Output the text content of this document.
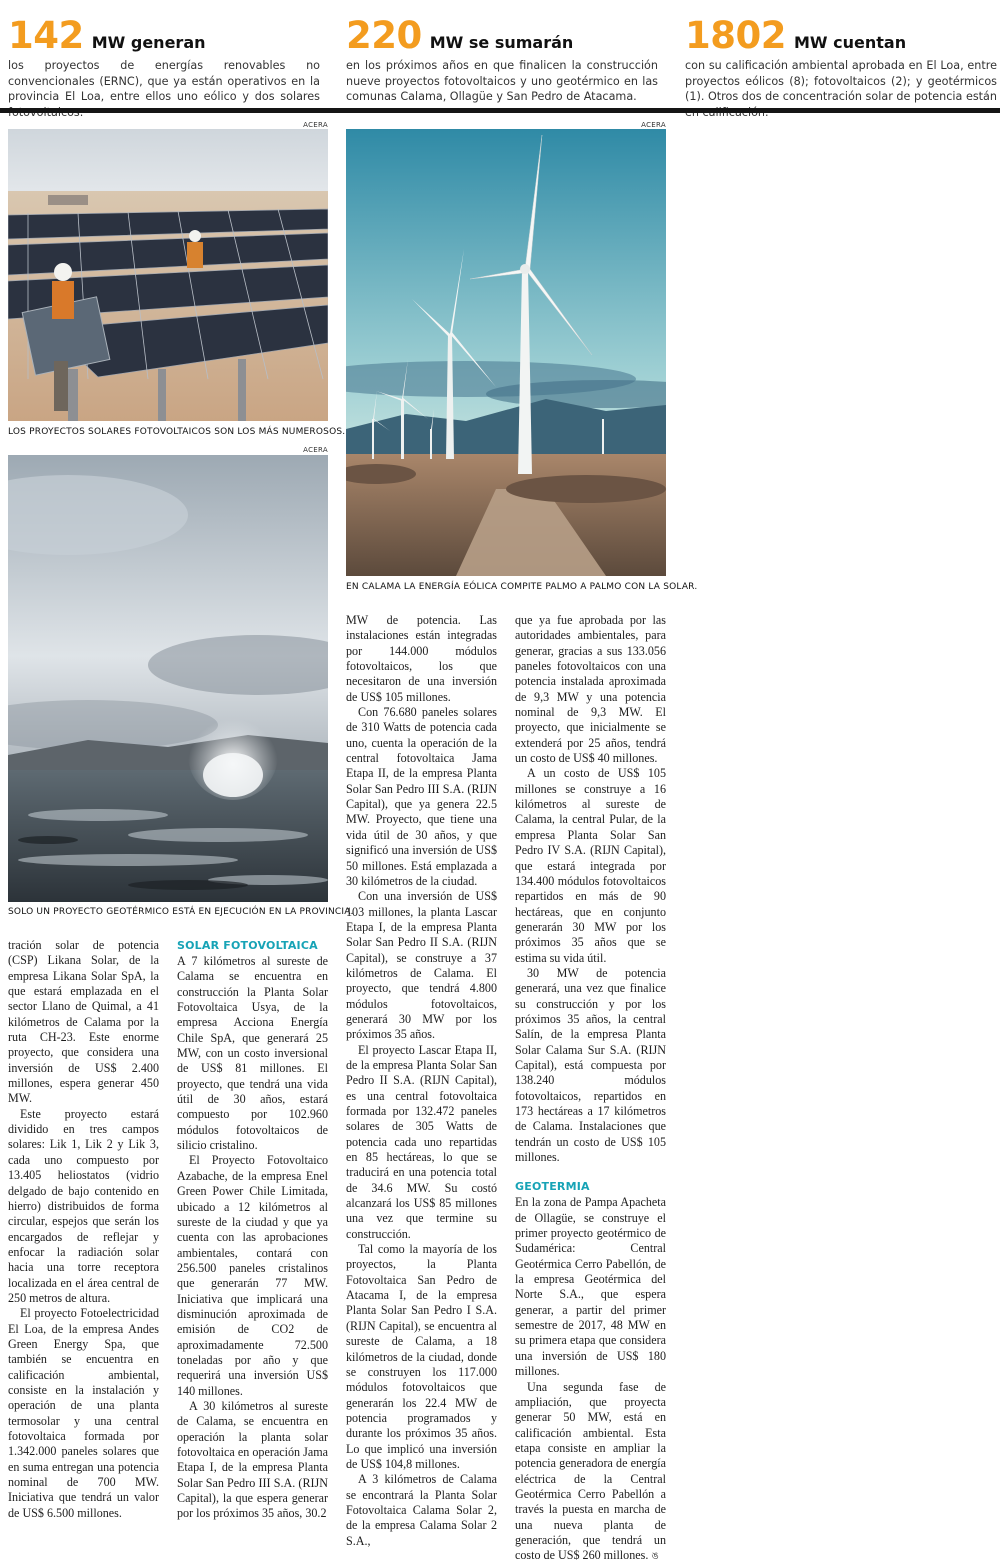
142 MW generan
los proyectos de energías renovables no convencionales (ERNC), que ya están operativos en la provincia El Loa, entre ellos uno eólico y dos solares
220 MW se sumarán
en los próximos años en que finalicen la construcción nueve proyectos fotovoltaicos y uno geotérmico en las comunas Calama, Ollagüe y San Pedro de Atacama.
1802 MW cuentan
con su calificación ambiental aprobada en El Loa, entre proyectos eólicos (8); fotovoltaicos (2); y geotérmicos (1). Otros dos de concentración solar de potencia están
ACERA
LOS PROYECTOS SOLARES FOTOVOLTAICOS SON LOS MÁS NUMEROSOS.
ACERA
SOLO UN PROYECTO GEOTÉRMICO ESTÁ EN EJECUCIÓN EN LA PROVINCIA.
ACERA
EN CALAMA LA ENERGÍA EÓLICA COMPITE PALMO A PALMO CON LA SOLAR.

tración solar de potencia (CSP) Likana Solar, de la empresa Likana Solar SpA, la que estará emplazada en el sector Llano de Quimal, a 41 kilómetros de Calama por la ruta CH-23. Este enorme proyecto, que considera una inversión de US$ 2.400 millones, espera generar 450 MW.

Este proyecto estará dividido en tres campos solares: Lik 1, Lik 2 y Lik 3, cada uno compuesto por 13.405 heliostatos (vidrio delgado de bajo contenido en hierro) distribuidos de forma circular, espejos que serán los encargados de reflejar y enfocar la radiación solar hacia una torre receptora localizada en el área central de 250 metros de altura.

El proyecto Fotoelectricidad El Loa, de la empresa Andes Green Energy Spa, que también se encuentra en calificación ambiental, consiste en la instalación y operación de una planta termosolar y una central fotovoltaica formada por 1.342.000 paneles solares que en suma entregan una potencia nominal de 700 MW. Iniciativa que tendrá un valor de US$ 6.500 millones.

SOLAR FOTOVOLTAICA

A 7 kilómetros al sureste de Calama se encuentra en construcción la Planta Solar Fotovoltaica Usya, de la empresa Acciona Energía Chile SpA, que generará 25 MW, con un costo inversional de US$ 81 millones. El proyecto, que tendrá una vida útil de 30 años, estará compuesto por 102.960 módulos fotovoltaicos de silicio cristalino.

El Proyecto Fotovoltaico Azabache, de la empresa Enel Green Power Chile Limitada, ubicado a 12 kilómetros al sureste de la ciudad y que ya cuenta con las aprobaciones ambientales, contará con 256.500 paneles cristalinos que generarán 77 MW. Iniciativa que implicará una disminución aproximada de emisión de CO2 de aproximadamente 72.500 toneladas por año y que requerirá una inversión US$ 140 millones.

A 30 kilómetros al sureste de Calama, se encuentra en operación la planta solar fotovoltaica en operación Jama Etapa I, de la empresa Planta Solar San Pedro III S.A. (RIJN Capital), la que espera generar por los próximos 35 años, 30.2

MW de potencia. Las instalaciones están integradas por 144.000 módulos fotovoltaicos, los que necesitaron de una inversión de US$ 105 millones.

Con 76.680 paneles solares de 310 Watts de potencia cada uno, cuenta la operación de la central fotovoltaica Jama Etapa II, de la empresa Planta Solar San Pedro III S.A. (RIJN Capital), que ya genera 22.5 MW. Proyecto, que tiene una vida útil de 30 años, y que significó una inversión de US$ 50 millones. Está emplazada a 30 kilómetros de la ciudad.

Con una inversión de US$ 103 millones, la planta Lascar Etapa I, de la empresa Planta Solar San Pedro II S.A. (RIJN Capital), se construye a 37 kilómetros de Calama. El proyecto, que tendrá 4.800 módulos fotovoltaicos, generará 30 MW por los próximos 35 años.

El proyecto Lascar Etapa II, de la empresa Planta Solar San Pedro II S.A. (RIJN Capital), es una central fotovoltaica formada por 132.472 paneles solares de 305 Watts de potencia cada uno repartidas en 85 hectáreas, lo que se traducirá en una potencia total de 34.6 MW. Su costó alcanzará los US$ 85 millones una vez que termine su construcción.

Tal como la mayoría de los proyectos, la Planta Fotovoltaica San Pedro de Atacama I, de la empresa Planta Solar San Pedro I S.A. (RIJN Capital), se encuentra al sureste de Calama, a 18 kilómetros de la ciudad, donde se construyen los 117.000 módulos fotovoltaicos que generarán los 22.4 MW de potencia programados y durante los próximos 35 años. Lo que implicó una inversión de US$ 104,8 millones.

A 3 kilómetros de Calama se encontrará la Planta Solar Fotovoltaica Calama Solar 2, de la empresa Calama Solar 2 S.A.,

que ya fue aprobada por las autoridades ambientales, para generar, gracias a sus 133.056 paneles fotovoltaicos con una potencia instalada aproximada de 9,3 MW y una potencia nominal de 9,3 MW. El proyecto, que inicialmente se extenderá por 25 años, tendrá un costo de US$ 40 millones.

A un costo de US$ 105 millones se construye a 16 kilómetros al sureste de Calama, la central Pular, de la empresa Planta Solar San Pedro IV S.A. (RIJN Capital), que estará integrada por 134.400 módulos fotovoltaicos repartidos en más de 90 hectáreas, que en conjunto generarán 30 MW por los próximos 35 años que se estima su vida útil.

30 MW de potencia generará, una vez que finalice su construcción y por los próximos 35 años, la central Salín, de la empresa Planta Solar Calama Sur S.A. (RIJN Capital), está compuesta por 138.240 módulos fotovoltaicos, repartidos en 173 hectáreas a 17 kilómetros de Calama. Instalaciones que tendrán un costo de US$ 105 millones.

GEOTERMIA

En la zona de Pampa Apacheta de Ollagüe, se construye el primer proyecto geotérmico de Sudamérica: Central Geotérmica Cerro Pabellón, de la empresa Geotérmica del Norte S.A., que espera generar, a partir del primer semestre de 2017, 48 MW en su primera etapa que considera una inversión de US$ 180 millones.

Una segunda fase de ampliación, que proyecta generar 50 MW, está en calificación ambiental. Esta etapa consiste en ampliar la potencia generadora de energía eléctrica de la Central Geotérmica Cerro Pabellón a través la puesta en marcha de una nueva planta de generación, que tendrá un costo de US$ 260 millones. ঙ
